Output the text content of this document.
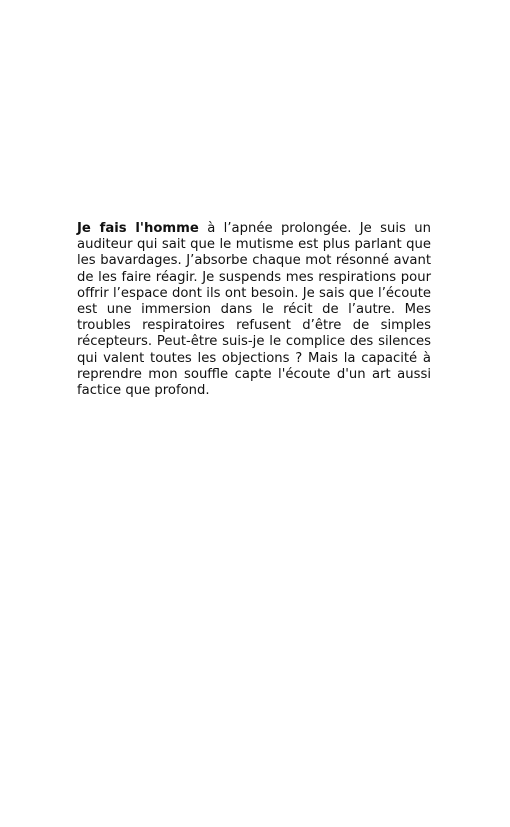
Je fais l'homme à l’apnée prolongée. Je suis un auditeur qui sait que le mutisme est plus parlant que les bavardages. J’absorbe chaque mot résonné avant de les faire réagir. Je suspends mes respirations pour offrir l’espace dont ils ont besoin. Je sais que l’écoute est une immersion dans le récit de l’autre. Mes troubles respiratoires refusent d’être de simples récepteurs. Peut-être suis-je le complice des silences qui valent toutes les objections ? Mais la capacité à reprendre mon souffle capte l'écoute d'un art aussi factice que profond.
